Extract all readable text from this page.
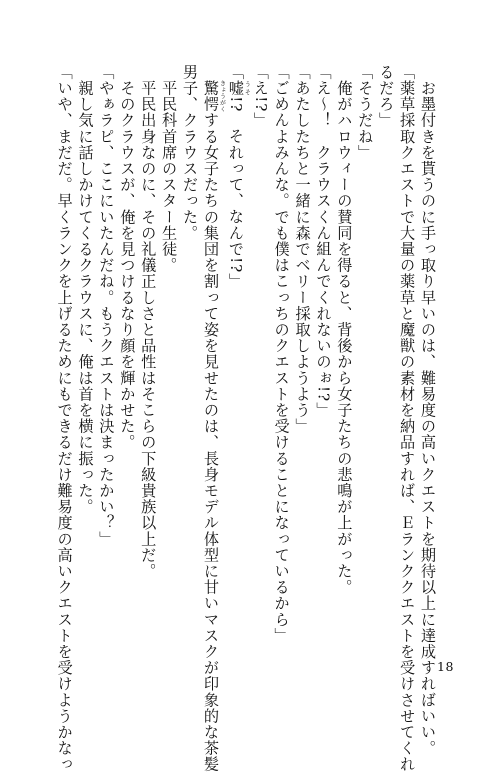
　お墨付きを貰うのに手っ取り早いのは、難易度の高いクエストを期待以上に達成すればいい。
「薬草採取クエストで大量の薬草と魔獣の素材を納品すれば、Ｅランククエストを受けさせてくれ
るだろ」
「そうだね」
　俺がハロウィーの賛同を得ると、背後から女子たちの悲鳴が上がった。
「え～！　クラウスくん組んでくれないのぉ!?」
「あたしたちと一緒に森でベリー採取しようよう」
「ごめんよみんな。でも僕はこっちのクエストを受けることになっているから」
「え!?」
「嘘うそ!?　それって、なんで!?」
　驚愕きょうがくする女子たちの集団を割って姿を見せたのは、長身モデル体型に甘いマスクが印象的な茶髪
男子、クラウスだった。
　平民科首席のスター生徒。
　平民出身なのに、その礼儀正しさと品性はそこらの下級貴族以上だ。
　そのクラウスが、俺を見つけるなり顔を輝かせた。
「やぁラピ、ここにいたんだね。もうクエストは決まったかい？」
　親し気に話しかけてくるクラウスに、俺は首を横に振った。
「いや、まだだ。早くランクを上げるためにもできるだけ難易度の高いクエストを受けようかなっ	18
